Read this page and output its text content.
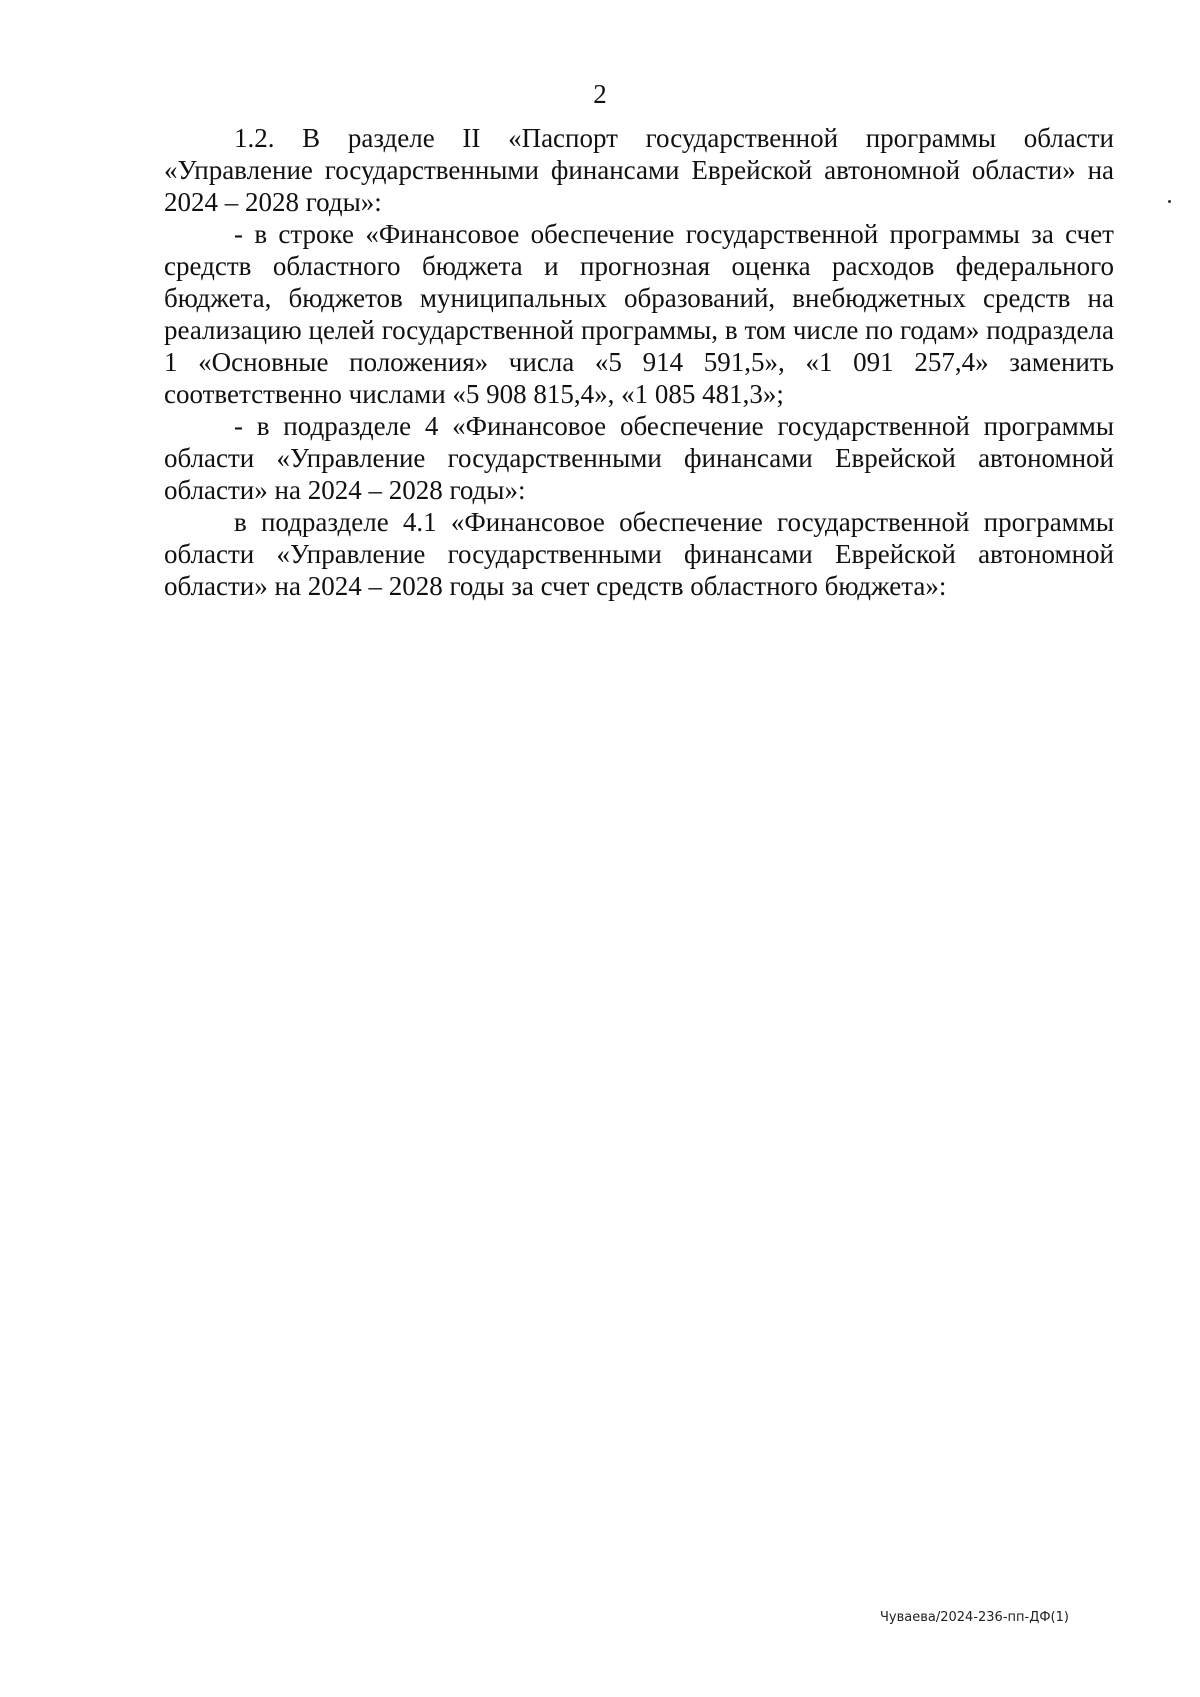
2

1.2. В разделе II «Паспорт государственной программы области «Управление государственными финансами Еврейской автономной области» на 2024 – 2028 годы»:

- в строке «Финансовое обеспечение государственной программы за счет средств областного бюджета и прогнозная оценка расходов федерального бюджета, бюджетов муниципальных образований, внебюджетных средств на реализацию целей государственной программы, в том числе по годам» подраздела 1 «Основные положения» числа «5 914 591,5», «1 091 257,4» заменить соответственно числами «5 908 815,4», «1 085 481,3»;

- в подразделе 4 «Финансовое обеспечение государственной программы области «Управление государственными финансами Еврейской автономной области» на 2024 – 2028 годы»:

в подразделе 4.1 «Финансовое обеспечение государственной программы области «Управление государственными финансами Еврейской автономной области» на 2024 – 2028 годы за счет средств областного бюджета»:

Чуваева/2024-236-пп-ДФ(1)
